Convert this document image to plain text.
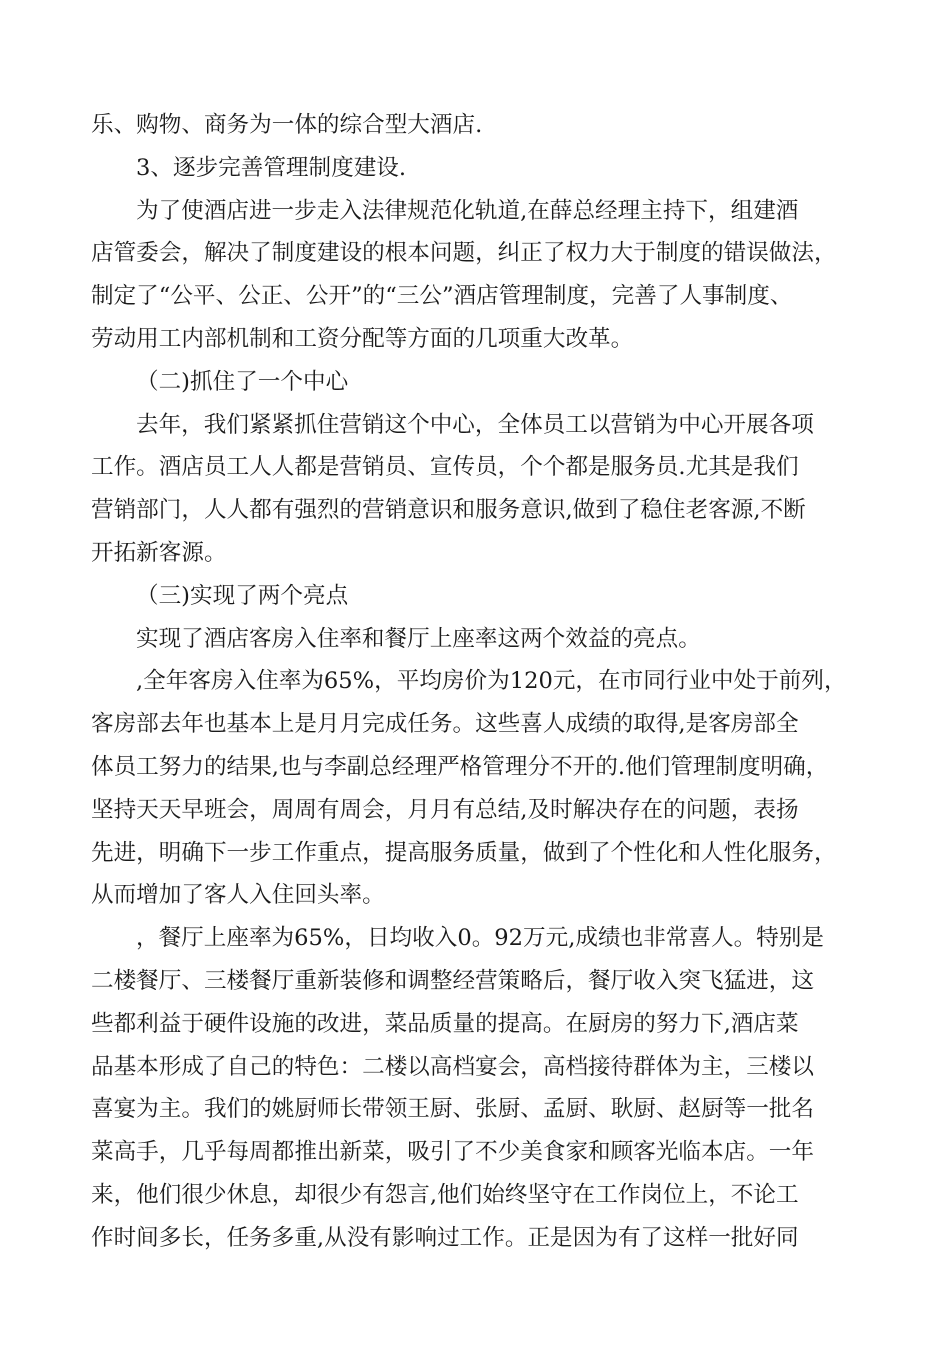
乐、购物、商务为一体的综合型大酒店.
3、逐步完善管理制度建设.
为了使酒店进一步走入法律规范化轨道,在薛总经理主持下，组建酒
店管委会，解决了制度建设的根本问题，纠正了权力大于制度的错误做法，
制定了“公平、公正、公开”的“三公”酒店管理制度，完善了人事制度、
劳动用工内部机制和工资分配等方面的几项重大改革。
（二)抓住了一个中心
去年，我们紧紧抓住营销这个中心，全体员工以营销为中心开展各项
工作。酒店员工人人都是营销员、宣传员，个个都是服务员.尤其是我们
营销部门，人人都有强烈的营销意识和服务意识,做到了稳住老客源,不断
开拓新客源。
（三)实现了两个亮点
实现了酒店客房入住率和餐厅上座率这两个效益的亮点。
,全年客房入住率为65%，平均房价为120元，在市同行业中处于前列，
客房部去年也基本上是月月完成任务。这些喜人成绩的取得,是客房部全
体员工努力的结果,也与李副总经理严格管理分不开的.他们管理制度明确，
坚持天天早班会，周周有周会，月月有总结,及时解决存在的问题，表扬
先进，明确下一步工作重点，提高服务质量，做到了个性化和人性化服务，
从而增加了客人入住回头率。
，餐厅上座率为65%，日均收入0。92万元,成绩也非常喜人。特别是
二楼餐厅、三楼餐厅重新装修和调整经营策略后，餐厅收入突飞猛进，这
些都利益于硬件设施的改进，菜品质量的提高。在厨房的努力下,酒店菜
品基本形成了自己的特色：二楼以高档宴会，高档接待群体为主，三楼以
喜宴为主。我们的姚厨师长带领王厨、张厨、孟厨、耿厨、赵厨等一批名
菜高手，几乎每周都推出新菜，吸引了不少美食家和顾客光临本店。一年
来，他们很少休息，却很少有怨言,他们始终坚守在工作岗位上，不论工
作时间多长，任务多重,从没有影响过工作。正是因为有了这样一批好同
